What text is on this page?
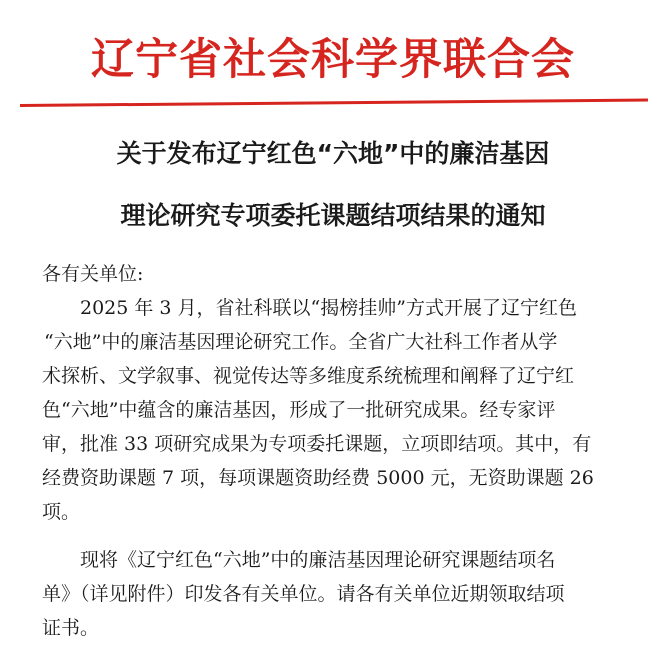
辽宁省社会科学界联合会
关于发布辽宁红色“六地”中的廉洁基因
理论研究专项委托课题结项结果的通知
各有关单位:
2025 年 3 月，省社科联以“揭榜挂帅”方式开展了辽宁红色
“六地”中的廉洁基因理论研究工作。全省广大社科工作者从学
术探析、文学叙事、视觉传达等多维度系统梳理和阐释了辽宁红
色“六地”中蕴含的廉洁基因，形成了一批研究成果。经专家评
审，批准 33 项研究成果为专项委托课题，立项即结项。其中，有
经费资助课题 7 项，每项课题资助经费 5000 元，无资助课题 26
项。
现将《辽宁红色“六地”中的廉洁基因理论研究课题结项名
单》（详见附件）印发各有关单位。请各有关单位近期领取结项
证书。
